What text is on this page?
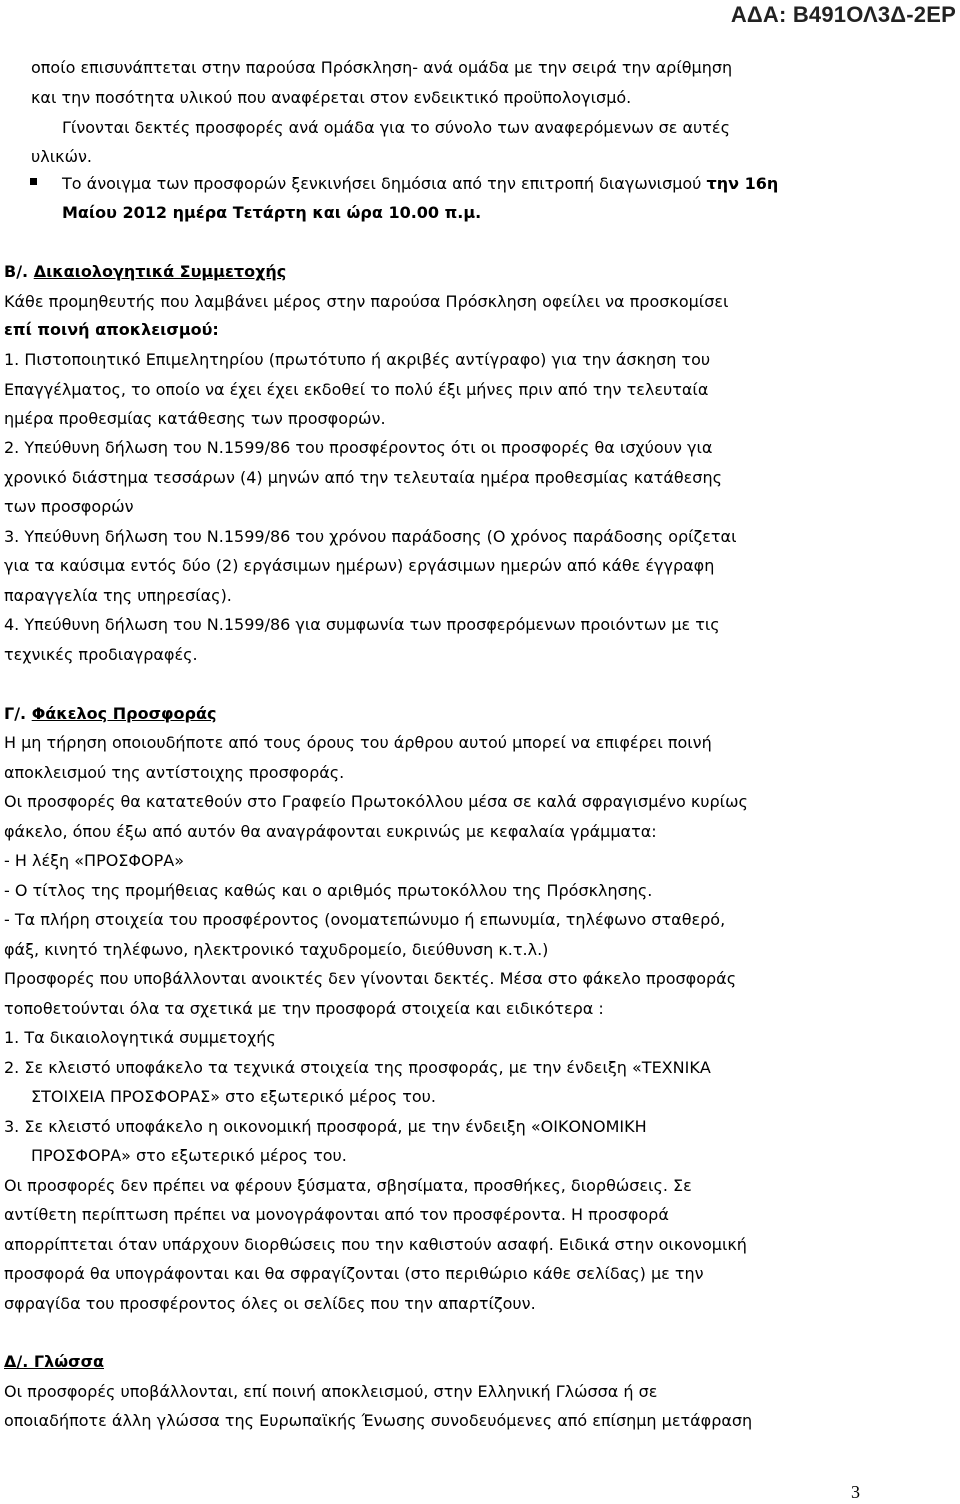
ΑΔΑ: Β491ΟΛ3Δ-2ΕΡ
οποίο επισυνάπτεται στην παρούσα Πρόσκληση- ανά ομάδα με την σειρά την αρίθμηση
και την ποσότητα υλικού που αναφέρεται στον ενδεικτικό προϋπολογισμό.
Γίνονται δεκτές προσφορές ανά ομάδα για το σύνολο των αναφερόμενων σε αυτές
υλικών.
Το άνοιγμα των προσφορών ξενκινήσει δημόσια από την επιτροπή διαγωνισμού την 16η
Μαίου 2012 ημέρα Τετάρτη και ώρα 10.00 π.μ.
Β/. Δικαιολογητικά Συμμετοχής
Κάθε προμηθευτής που λαμβάνει μέρος στην παρούσα Πρόσκληση οφείλει να προσκομίσει
επί ποινή αποκλεισμού:
1. Πιστοποιητικό Επιμελητηρίου (πρωτότυπο ή ακριβές αντίγραφο) για την άσκηση του
Επαγγέλματος, το οποίο να έχει έχει εκδοθεί το πολύ έξι μήνες πριν από την τελευταία
ημέρα προθεσμίας κατάθεσης των προσφορών.
2. Υπεύθυνη δήλωση του Ν.1599/86 του προσφέροντος ότι οι προσφορές θα ισχύουν για
χρονικό διάστημα τεσσάρων (4) μηνών από την τελευταία ημέρα προθεσμίας κατάθεσης
των προσφορών
3. Υπεύθυνη δήλωση του Ν.1599/86 του χρόνου παράδοσης (Ο χρόνος παράδοσης ορίζεται
για τα καύσιμα εντός δύο (2) εργάσιμων ημέρων) εργάσιμων ημερών από κάθε έγγραφη
παραγγελία της υπηρεσίας).
4. Υπεύθυνη δήλωση του Ν.1599/86 για συμφωνία των προσφερόμενων προιόντων με τις
τεχνικές προδιαγραφές.
Γ/. Φάκελος Προσφοράς
Η μη τήρηση οποιουδήποτε από τους όρους του άρθρου αυτού μπορεί να επιφέρει ποινή
αποκλεισμού της αντίστοιχης προσφοράς.
Οι προσφορές θα κατατεθούν στο Γραφείο Πρωτοκόλλου μέσα σε καλά σφραγισμένο κυρίως
φάκελο, όπου έξω από αυτόν θα αναγράφονται ευκρινώς με κεφαλαία γράμματα:
- Η λέξη «ΠΡΟΣΦΟΡΑ»
- Ο τίτλος της προμήθειας καθώς και ο αριθμός πρωτοκόλλου της Πρόσκλησης.
- Τα πλήρη στοιχεία του προσφέροντος (ονοματεπώνυμο ή επωνυμία, τηλέφωνο σταθερό,
φάξ, κινητό τηλέφωνο, ηλεκτρονικό ταχυδρομείο, διεύθυνση κ.τ.λ.)
Προσφορές που υποβάλλονται ανοικτές δεν γίνονται δεκτές. Μέσα στο φάκελο προσφοράς
τοποθετούνται όλα τα σχετικά με την προσφορά στοιχεία και ειδικότερα :
1. Τα δικαιολογητικά συμμετοχής
2. Σε κλειστό υποφάκελο τα τεχνικά στοιχεία της προσφοράς, με την ένδειξη «ΤΕΧΝΙΚΑ
ΣΤΟΙΧΕΙΑ ΠΡΟΣΦΟΡΑΣ» στο εξωτερικό μέρος του.
3. Σε κλειστό υποφάκελο η οικονομική προσφορά, με την ένδειξη «ΟΙΚΟΝΟΜΙΚΗ
ΠΡΟΣΦΟΡΑ» στο εξωτερικό μέρος του.
Οι προσφορές δεν πρέπει να φέρουν ξύσματα, σβησίματα, προσθήκες, διορθώσεις. Σε
αντίθετη περίπτωση πρέπει να μονογράφονται από τον προσφέροντα. Η προσφορά
απορρίπτεται όταν υπάρχουν διορθώσεις που την καθιστούν ασαφή. Ειδικά στην οικονομική
προσφορά θα υπογράφονται και θα σφραγίζονται (στο περιθώριο κάθε σελίδας) με την
σφραγίδα του προσφέροντος όλες οι σελίδες που την απαρτίζουν.
Δ/. Γλώσσα
Οι προσφορές υποβάλλονται, επί ποινή αποκλεισμού, στην Ελληνική Γλώσσα ή σε
οποιαδήποτε άλλη γλώσσα της Ευρωπαϊκής Ένωσης συνοδευόμενες από επίσημη μετάφραση
3
